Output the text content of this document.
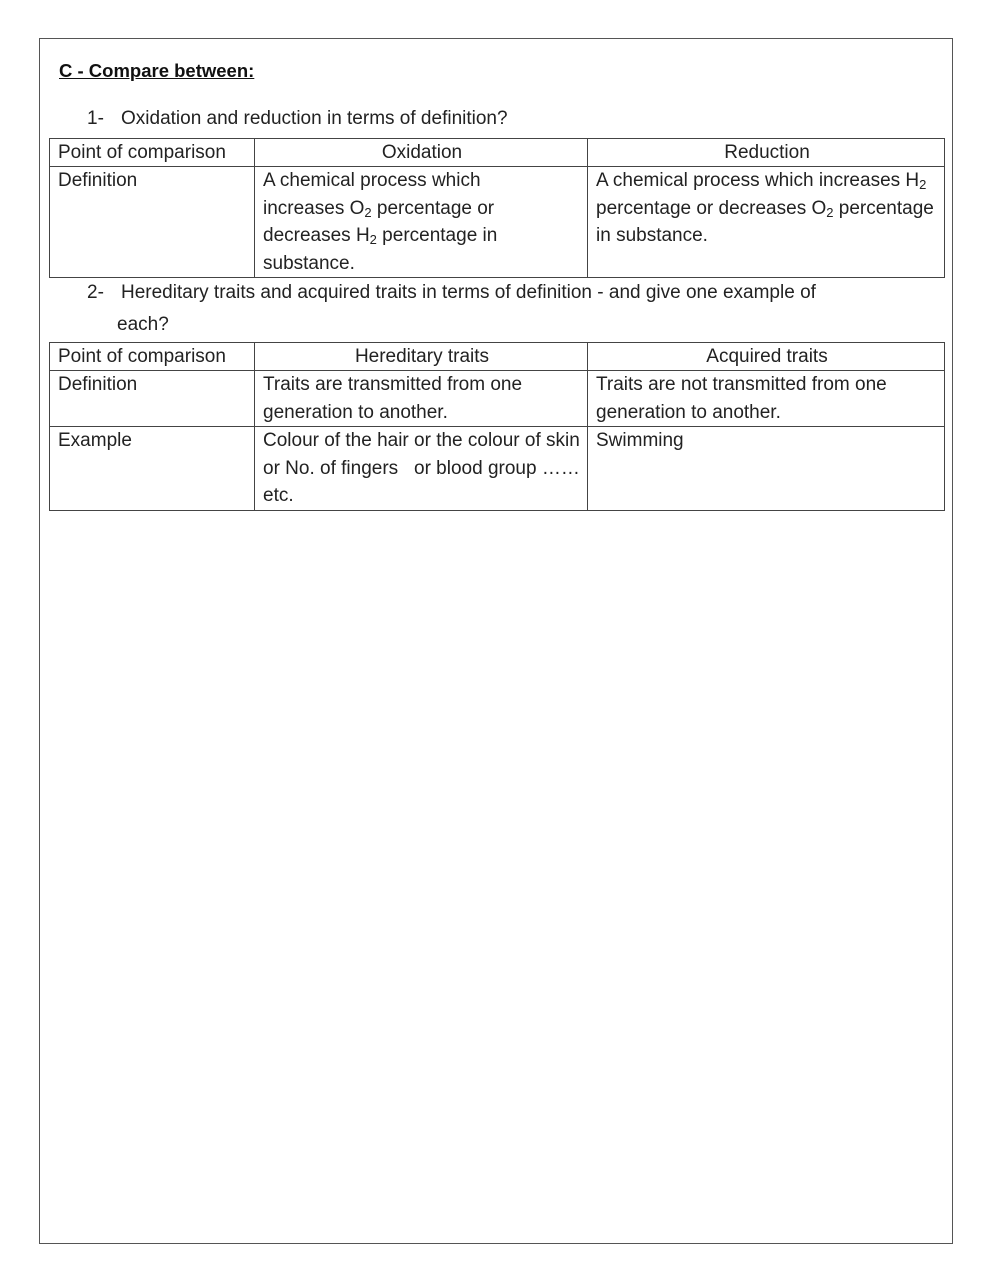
C - Compare between:
1- Oxidation and reduction in terms of definition?
Point of comparison	Oxidation	Reduction
Definition	A chemical process which increases $O_2$ percentage or decreases $H_2$ percentage in substance.	A chemical process which increases $H_2$ percentage or decreases $O_2$ percentage in substance.
2- Hereditary traits and acquired traits in terms of definition - and give one example of
each?
Point of comparison	Hereditary traits	Acquired traits
Definition	Traits are transmitted from one generation to another.	Traits are not transmitted from one generation to another.
Example	Colour of the hair or the colour of skin or No. of fingers   or blood group ……etc.	Swimming
